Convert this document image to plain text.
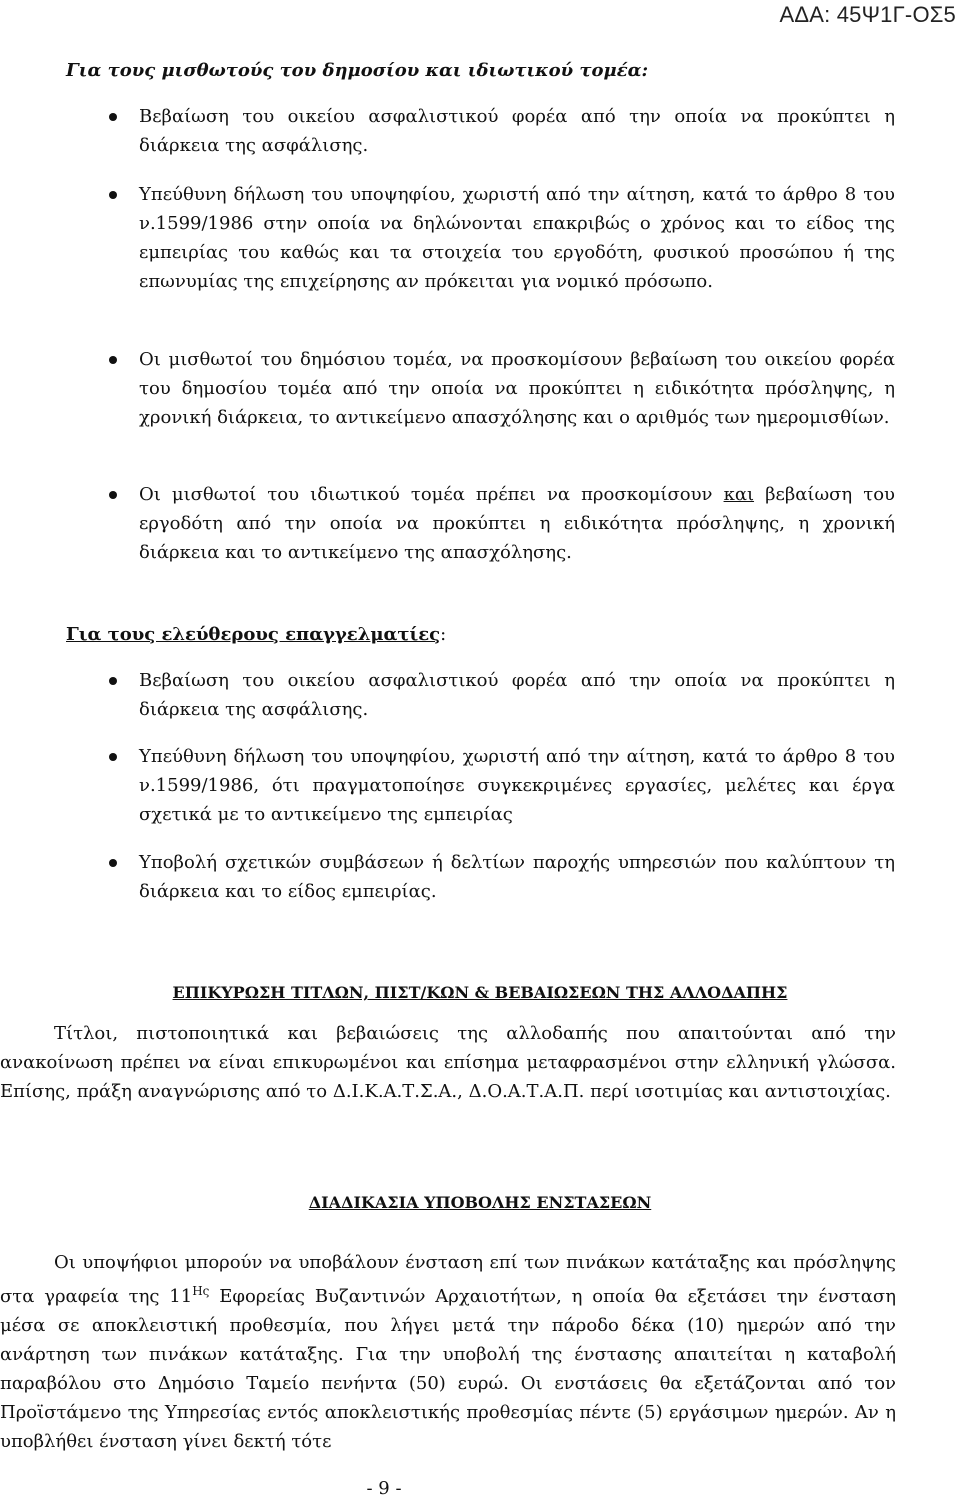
ΑΔΑ: 45Ψ1Γ-ΟΣ5
Για τους μισθωτούς του δημοσίου και ιδιωτικού τομέα:
Βεβαίωση του οικείου ασφαλιστικού φορέα από την οποία να προκύπτει η διάρκεια της ασφάλισης.
Υπεύθυνη δήλωση του υποψηφίου, χωριστή από την αίτηση, κατά το άρθρο 8 του ν.1599/1986 στην οποία να δηλώνονται επακριβώς ο χρόνος και το είδος της εμπειρίας του καθώς και τα στοιχεία του εργοδότη, φυσικού προσώπου ή της επωνυμίας της επιχείρησης αν πρόκειται για νομικό πρόσωπο.
Οι μισθωτοί του δημόσιου τομέα, να προσκομίσουν βεβαίωση του οικείου φορέα του δημοσίου τομέα από την οποία να προκύπτει η ειδικότητα πρόσληψης, η χρονική διάρκεια, το αντικείμενο απασχόλησης και ο αριθμός των ημερομισθίων.
Οι μισθωτοί του ιδιωτικού τομέα πρέπει να προσκομίσουν και βεβαίωση του εργοδότη από την οποία να προκύπτει η ειδικότητα πρόσληψης, η χρονική διάρκεια και το αντικείμενο της απασχόλησης.
Για τους ελεύθερους επαγγελματίες:
Βεβαίωση του οικείου ασφαλιστικού φορέα από την οποία να προκύπτει η διάρκεια της ασφάλισης.
Υπεύθυνη δήλωση του υποψηφίου, χωριστή από την αίτηση, κατά το άρθρο 8 του ν.1599/1986, ότι πραγματοποίησε συγκεκριμένες εργασίες, μελέτες και έργα σχετικά με το αντικείμενο της εμπειρίας
Υποβολή σχετικών συμβάσεων ή δελτίων παροχής υπηρεσιών που καλύπτουν τη διάρκεια και το είδος εμπειρίας.
ΕΠΙΚΥΡΩΣΗ ΤΙΤΛΩΝ, ΠΙΣΤ/ΚΩΝ & ΒΕΒΑΙΩΣΕΩΝ ΤΗΣ ΑΛΛΟΔΑΠΗΣ

Τίτλοι, πιστοποιητικά και βεβαιώσεις της αλλοδαπής που απαιτούνται από την ανακοίνωση πρέπει να είναι επικυρωμένοι και επίσημα μεταφρασμένοι στην ελληνική γλώσσα. Επίσης, πράξη αναγνώρισης από το Δ.Ι.Κ.Α.Τ.Σ.Α., Δ.Ο.Α.Τ.Α.Π. περί ισοτιμίας και αντιστοιχίας.

ΔΙΑΔΙΚΑΣΙΑ ΥΠΟΒΟΛΗΣ ΕΝΣΤΑΣΕΩΝ

Οι υποψήφιοι μπορούν να υποβάλουν ένσταση επί των πινάκων κατάταξης και πρόσληψης στα γραφεία της $11^{H\varsigma}$ Εφορείας Βυζαντινών Αρχαιοτήτων, η οποία θα εξετάσει την ένσταση μέσα σε αποκλειστική προθεσμία, που λήγει μετά την πάροδο δέκα (10) ημερών από την ανάρτηση των πινάκων κατάταξης. Για την υποβολή της ένστασης απαιτείται η καταβολή παραβόλου στο Δημόσιο Ταμείο πενήντα (50) ευρώ. Οι ενστάσεις θα εξετάζονται από τον Προϊστάμενο της Υπηρεσίας εντός αποκλειστικής προθεσμίας πέντε (5) εργάσιμων ημερών. Αν η υποβλήθει ένσταση γίνει δεκτή τότε

- 9 -
